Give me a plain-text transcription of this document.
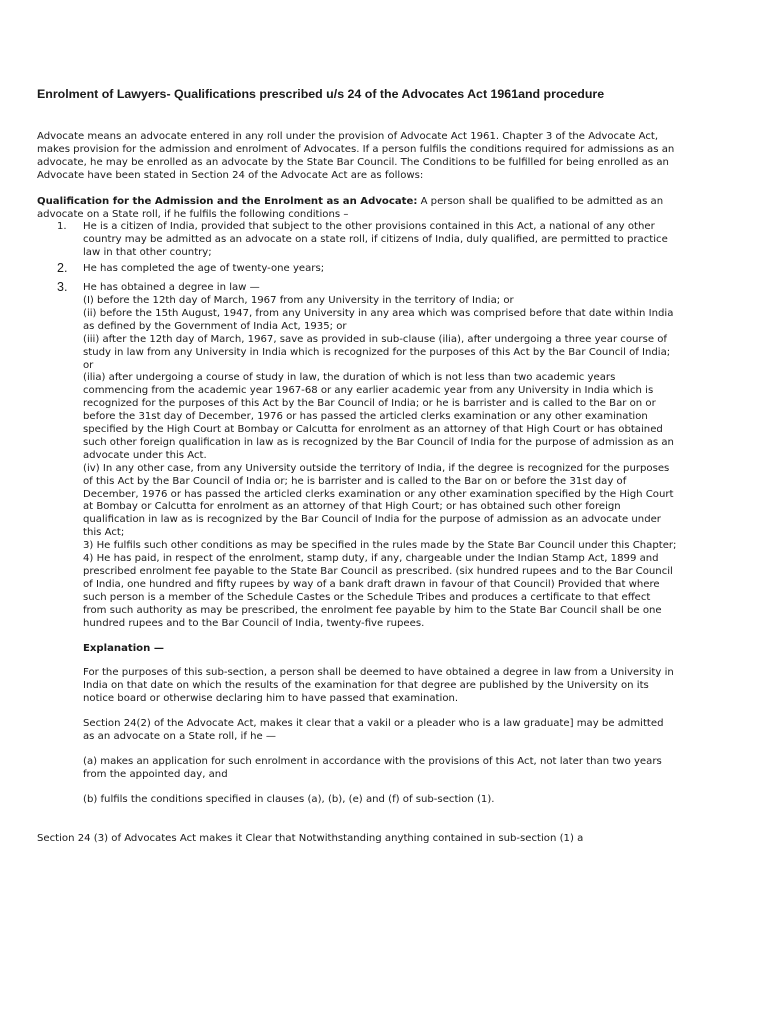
Enrolment of Lawyers- Qualifications prescribed u/s 24 of the Advocates Act 1961and procedure

Advocate means an advocate entered in any roll under the provision of Advocate Act 1961. Chapter 3 of the Advocate Act, makes provision for the admission and enrolment of Advocates. If a person fulfils the conditions required for admissions as an advocate, he may be enrolled as an advocate by the State Bar Council. The Conditions to be fulfilled for being enrolled as an Advocate have been stated in Section 24 of the Advocate Act are as follows:

Qualification for the Admission and the Enrolment as an Advocate: A person shall be qualified to be admitted as an advocate on a State roll, if he fulfils the following conditions –

1.	He is a citizen of India, provided that subject to the other provisions contained in this Act, a national of any other country may be admitted as an advocate on a state roll, if citizens of India, duly qualified, are permitted to practice law in that other country;
2.	He has completed the age of twenty-one years;
3.	He has obtained a degree in law —
(I) before the 12th day of March, 1967 from any University in the territory of India; or
(ii) before the 15th August, 1947, from any University in any area which was comprised before that date within India as defined by the Government of India Act, 1935; or
(iii) after the 12th day of March, 1967, save as provided in sub-clause (ilia), after undergoing a three year course of study in law from any University in India which is recognized for the purposes of this Act by the Bar Council of India; or
(ilia) after undergoing a course of study in law, the duration of which is not less than two academic years commencing from the academic year 1967-68 or any earlier academic year from any University in India which is recognized for the purposes of this Act by the Bar Council of India; or he is barrister and is called to the Bar on or before the 31st day of December, 1976 or has passed the articled clerks examination or any other examination specified by the High Court at Bombay or Calcutta for enrolment as an attorney of that High Court or has obtained such other foreign qualification in law as is recognized by the Bar Council of India for the purpose of admission as an advocate under this Act.
(iv) In any other case, from any University outside the territory of India, if the degree is recognized for the purposes of this Act by the Bar Council of India or; he is barrister and is called to the Bar on or before the 31st day of December, 1976 or has passed the articled clerks examination or any other examination specified by the High Court at Bombay or Calcutta for enrolment as an attorney of that High Court; or has obtained such other foreign qualification in law as is recognized by the Bar Council of India for the purpose of admission as an advocate under this Act;
3) He fulfils such other conditions as may be specified in the rules made by the State Bar Council under this Chapter;
4) He has paid, in respect of the enrolment, stamp duty, if any, chargeable under the Indian Stamp Act, 1899 and prescribed enrolment fee payable to the State Bar Council as prescribed. (six hundred rupees and to the Bar Council of India, one hundred and fifty rupees by way of a bank draft drawn in favour of that Council) Provided that where such person is a member of the Schedule Castes or the Schedule Tribes and produces a certificate to that effect from such authority as may be prescribed, the enrolment fee payable by him to the State Bar Council shall be one hundred rupees and to the Bar Council of India, twenty-five rupees.

Explanation —

For the purposes of this sub-section, a person shall be deemed to have obtained a degree in law from a University in India on that date on which the results of the examination for that degree are published by the University on its notice board or otherwise declaring him to have passed that examination.

Section 24(2) of the Advocate Act, makes it clear that a vakil or a pleader who is a law graduate] may be admitted as an advocate on a State roll, if he —

(a) makes an application for such enrolment in accordance with the provisions of this Act, not later than two years from the appointed day, and

(b) fulfils the conditions specified in clauses (a), (b), (e) and (f) of sub-section (1).

Section 24 (3) of Advocates Act makes it Clear that Notwithstanding anything contained in sub-section (1) a
